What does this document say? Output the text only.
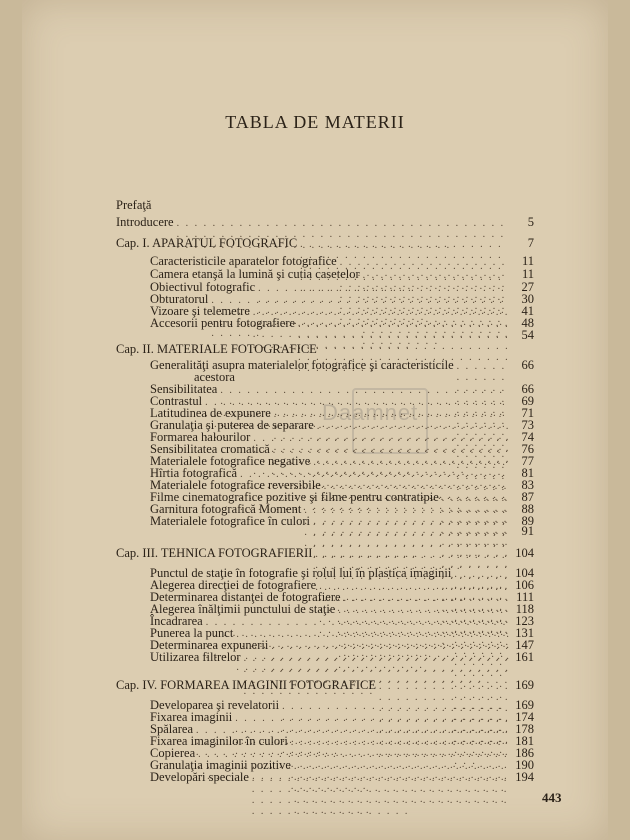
TABLA DE MATERII
Daamnet
Prefaţă
Introducere . . .	5
Cap. I. APARATUL FOTOGRAFIC . . .	7
Caracteristicile aparatelor fotografice . . .	11
Camera etanşă la lumină şi cutia casetelor . . .	11
Obiectivul fotografic . . .	27
Obturatorul . . .	30
Vizoare şi telemetre . . .	41
Accesorii pentru fotografiere . . .	48
54
Cap. II. MATERIALE FOTOGRAFICE
Generalităţi asupra materialelor fotografice şi caracteristicile . . .	66
acestora
Sensibilitatea . . .	66
Contrastul . . .	69
Latitudinea de expunere . . .	71
Granulaţia şi puterea de separare . . .	73
Formarea halourilor . . .	74
Sensibilitatea cromatică . . .	76
Materialele fotografice negative . . .	77
Hîrtia fotografică . . .	81
Materialele fotografice reversibile . . .	83
Filme cinematografice pozitive şi filme pentru contratipie . . .	87
Garnitura fotografică Moment . . .	88
Materialele fotografice în culori . . .	89
91
Cap. III. TEHNICA FOTOGRAFIERII . . .	104
Punctul de staţie în fotografie şi rolul lui în plastica imaginii . . .	104
Alegerea direcţiei de fotografiere . . .	106
Determinarea distanţei de fotografiere . . .	111
Alegerea înălţimii punctului de staţie . . .	118
Încadrarea . . .	123
Punerea la punct . . .	131
Determinarea expunerii . . .	147
Utilizarea filtrelor . . .	161
Cap. IV. FORMAREA IMAGINII FOTOGRAFICE . . .	169
Developarea şi revelatorii . . .	169
Fixarea imaginii . . .	174
Spălarea . . .	178
Fixarea imaginilor în culori . . .	181
Copierea . . .	186
Granulaţia imaginii pozitive . . .	190
Developări speciale . . .	194
443
